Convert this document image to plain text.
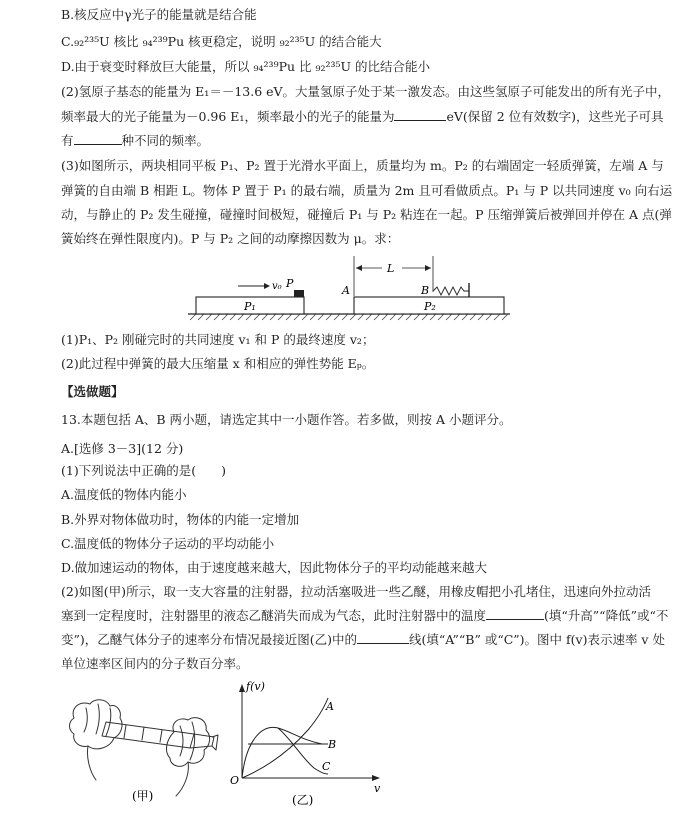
B.核反应中γ光子的能量就是结合能
C.₉₂²³⁵U 核比 ₉₄²³⁹Pu 核更稳定，说明 ₉₂²³⁵U 的结合能大
D.由于衰变时释放巨大能量，所以 ₉₄²³⁹Pu 比 ₉₂²³⁵U 的比结合能小
(2)氢原子基态的能量为 E₁＝－13.6 eV。大量氢原子处于某一激发态。由这些氢原子可能发出的所有光子中，
频率最大的光子能量为－0.96 E₁，频率最小的光子的能量为	eV(保留 2 位有效数字)，这些光子可具
有	种不同的频率。
(3)如图所示，两块相同平板 P₁、P₂ 置于光滑水平面上，质量均为 m。P₂ 的右端固定一轻质弹簧，左端 A 与
弹簧的自由端 B 相距 L。物体 P 置于 P₁ 的最右端，质量为 2m 且可看做质点。P₁ 与 P 以共同速度 v₀ 向右运
动，与静止的 P₂ 发生碰撞，碰撞时间极短，碰撞后 P₁ 与 P₂ 粘连在一起。P 压缩弹簧后被弹回并停在 A 点(弹
簧始终在弹性限度内)。P 与 P₂ 之间的动摩擦因数为 μ。求：
P₁
P
v₀
P₂
A
L
B
(1)P₁、P₂ 刚碰完时的共同速度 v₁ 和 P 的最终速度 v₂；
(2)此过程中弹簧的最大压缩量 x 和相应的弹性势能 Eₚ。
【选做题】
13.本题包括 A、B 两小题，请选定其中一小题作答。若多做，则按 A 小题评分。
A.[选修 3－3](12 分)
(1)下列说法中正确的是(　　)
A.温度低的物体内能小
B.外界对物体做功时，物体的内能一定增加
C.温度低的物体分子运动的平均动能小
D.做加速运动的物体，由于速度越来越大，因此物体分子的平均动能越来越大
(2)如图(甲)所示，取一支大容量的注射器，拉动活塞吸进一些乙醚，用橡皮帽把小孔堵住，迅速向外拉动活
塞到一定程度时，注射器里的液态乙醚消失而成为气态，此时注射器中的温度	(填“升高”“降低”或“不
变”)，乙醚气体分子的速率分布情况最接近图(乙)中的	线(填“A”“B” 或“C”)。图中 f(v)表示速率 v 处
单位速率区间内的分子数百分率。
(甲)
f(v)
v
O
A
B
C
(乙)
